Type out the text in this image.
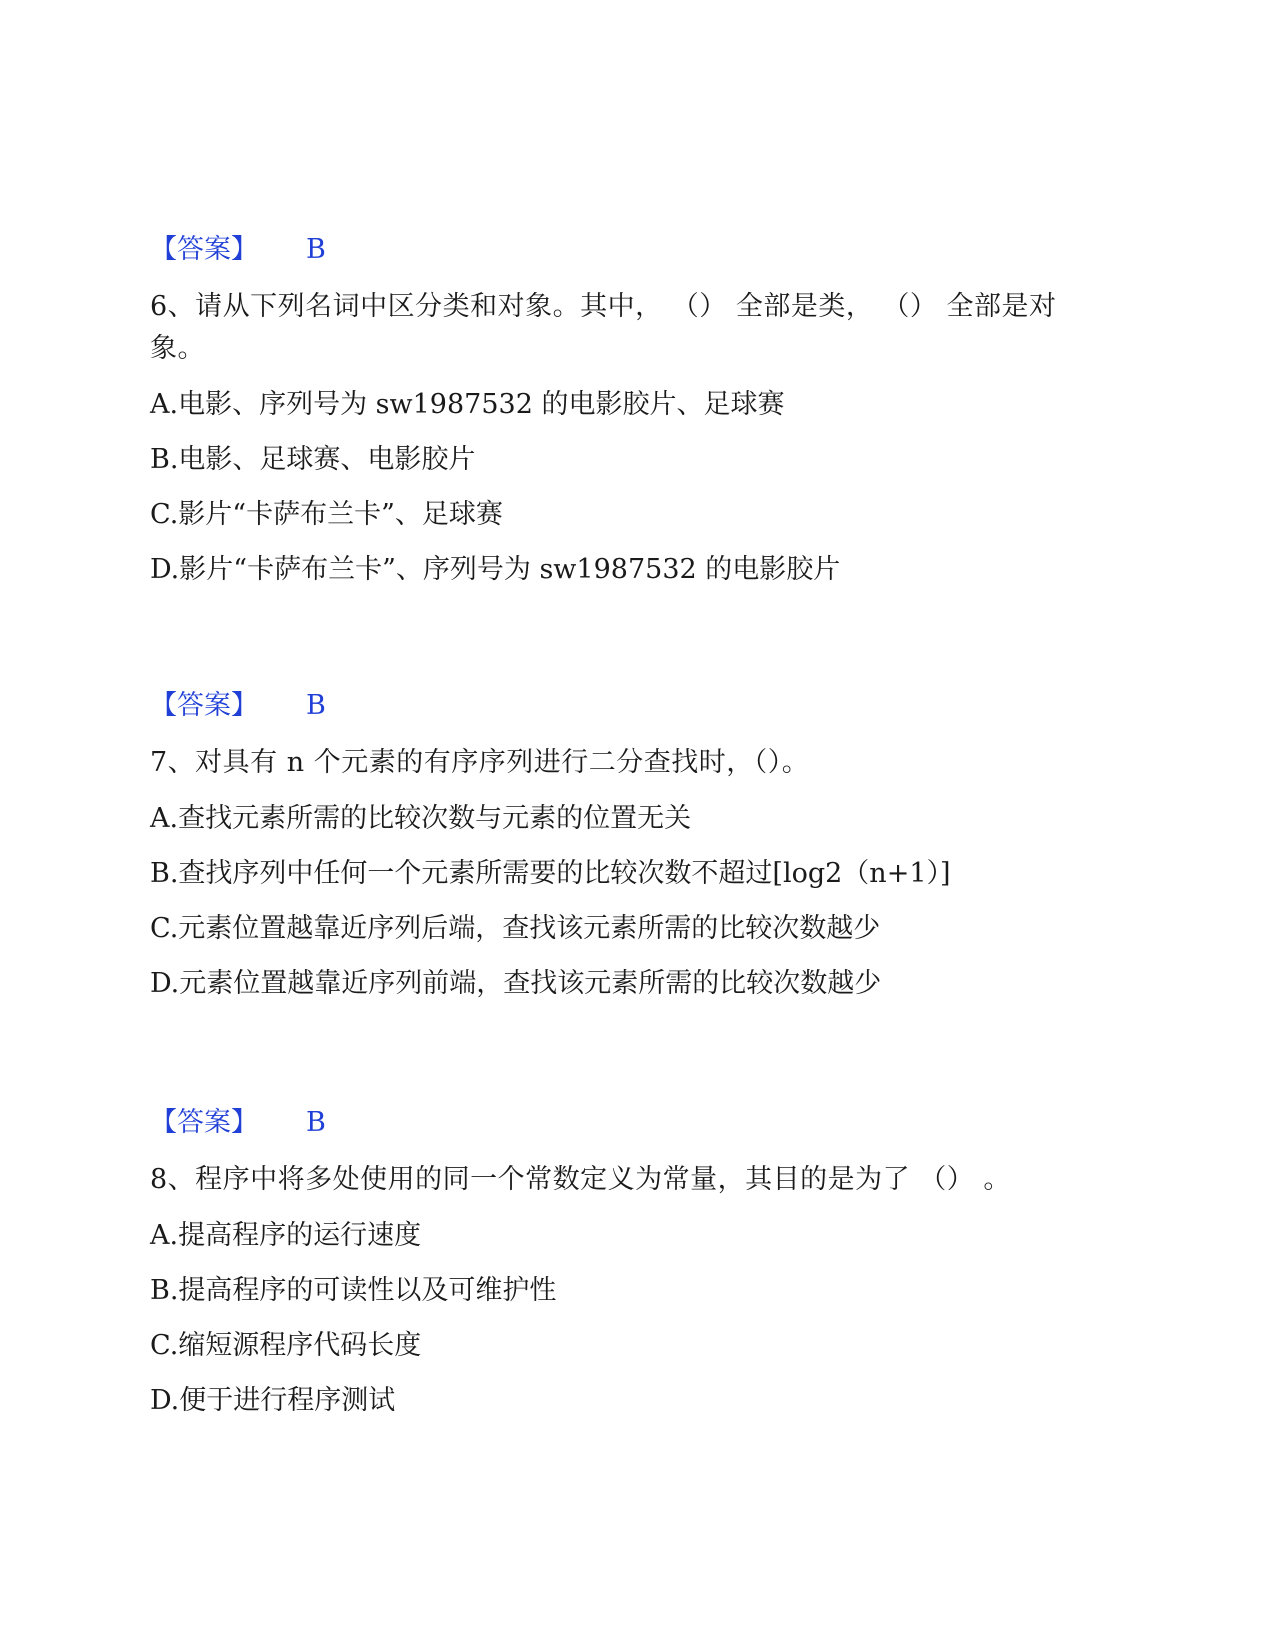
【答案】 B
6、请从下列名词中区分类和对象。其中， （） 全部是类， （） 全部是对象。
A.电影、序列号为 sw1987532 的电影胶片、足球赛
B.电影、足球赛、电影胶片
C.影片“卡萨布兰卡”、足球赛
D.影片“卡萨布兰卡”、序列号为 sw1987532 的电影胶片
【答案】 B
7、对具有 n 个元素的有序序列进行二分查找时，（）。
A.查找元素所需的比较次数与元素的位置无关
B.查找序列中任何一个元素所需要的比较次数不超过[log2（n+1）]
C.元素位置越靠近序列后端，查找该元素所需的比较次数越少
D.元素位置越靠近序列前端，查找该元素所需的比较次数越少
【答案】 B
8、程序中将多处使用的同一个常数定义为常量，其目的是为了 （） 。
A.提高程序的运行速度
B.提高程序的可读性以及可维护性
C.缩短源程序代码长度
D.便于进行程序测试
